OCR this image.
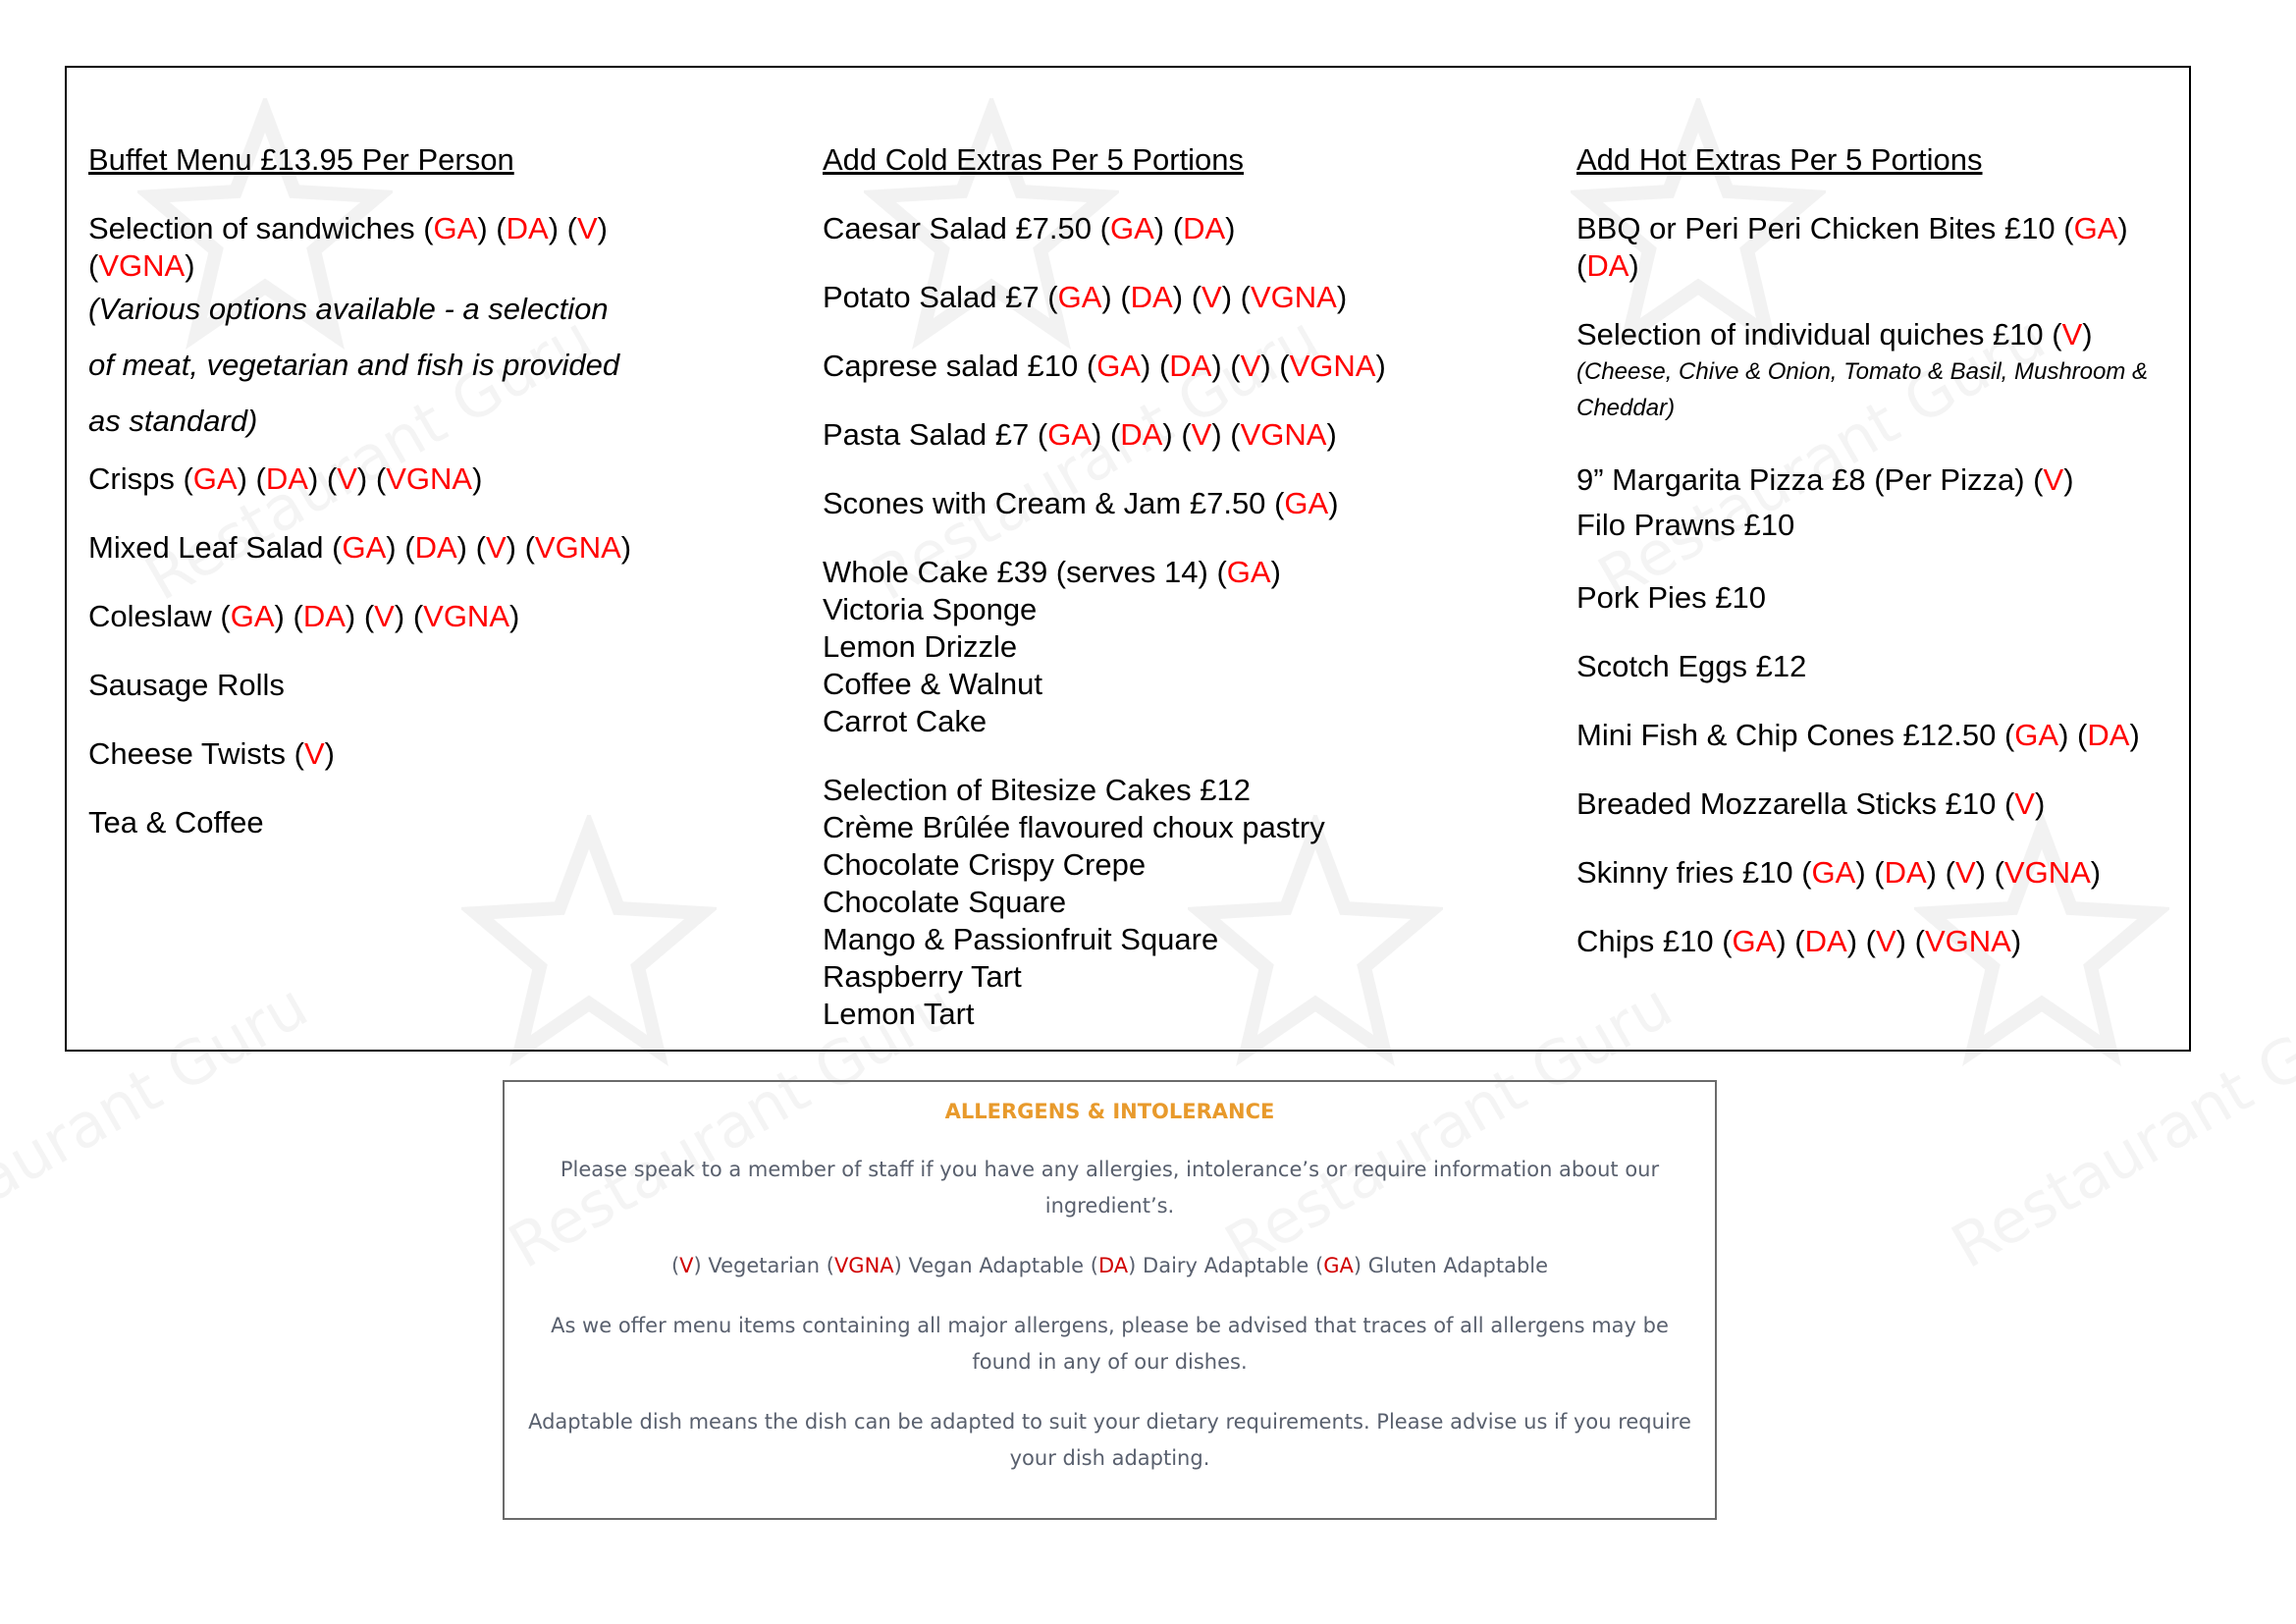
Buffet Menu £13.95 Per Person
Selection of sandwiches (GA) (DA) (V) (VGNA)
(Various options available - a selection of meat, vegetarian and fish is provided as standard)
Crisps (GA) (DA) (V) (VGNA)
Mixed Leaf Salad (GA) (DA) (V) (VGNA)
Coleslaw (GA) (DA) (V) (VGNA)
Sausage Rolls
Cheese Twists (V)
Tea & Coffee
Add Cold Extras Per 5 Portions
Caesar Salad £7.50 (GA) (DA)
Potato Salad £7 (GA) (DA) (V) (VGNA)
Caprese salad £10 (GA) (DA) (V) (VGNA)
Pasta Salad £7 (GA) (DA) (V) (VGNA)
Scones with Cream & Jam £7.50 (GA)
Whole Cake £39 (serves 14) (GA)
Victoria Sponge
Lemon Drizzle
Coffee & Walnut
Carrot Cake
Selection of Bitesize Cakes £12
Crème Brûlée flavoured choux pastry
Chocolate Crispy Crepe
Chocolate Square
Mango & Passionfruit Square
Raspberry Tart
Lemon Tart
Add Hot Extras Per 5 Portions
BBQ or Peri Peri Chicken Bites £10 (GA) (DA)
Selection of individual quiches £10 (V)
(Cheese, Chive & Onion, Tomato & Basil, Mushroom & Cheddar)
9” Margarita Pizza £8 (Per Pizza) (V)
Filo Prawns £10
Pork Pies £10
Scotch Eggs £12
Mini Fish & Chip Cones £12.50 (GA) (DA)
Breaded Mozzarella Sticks £10 (V)
Skinny fries £10 (GA) (DA) (V) (VGNA)
Chips £10 (GA) (DA) (V) (VGNA)
ALLERGENS & INTOLERANCE
Please speak to a member of staff if you have any allergies, intolerance’s or require information about our ingredient’s.
(V) Vegetarian (VGNA) Vegan Adaptable (DA) Dairy Adaptable (GA) Gluten Adaptable
As we offer menu items containing all major allergens, please be advised that traces of all allergens may be found in any of our dishes.
Adaptable dish means the dish can be adapted to suit your dietary requirements. Please advise us if you require your dish adapting.
